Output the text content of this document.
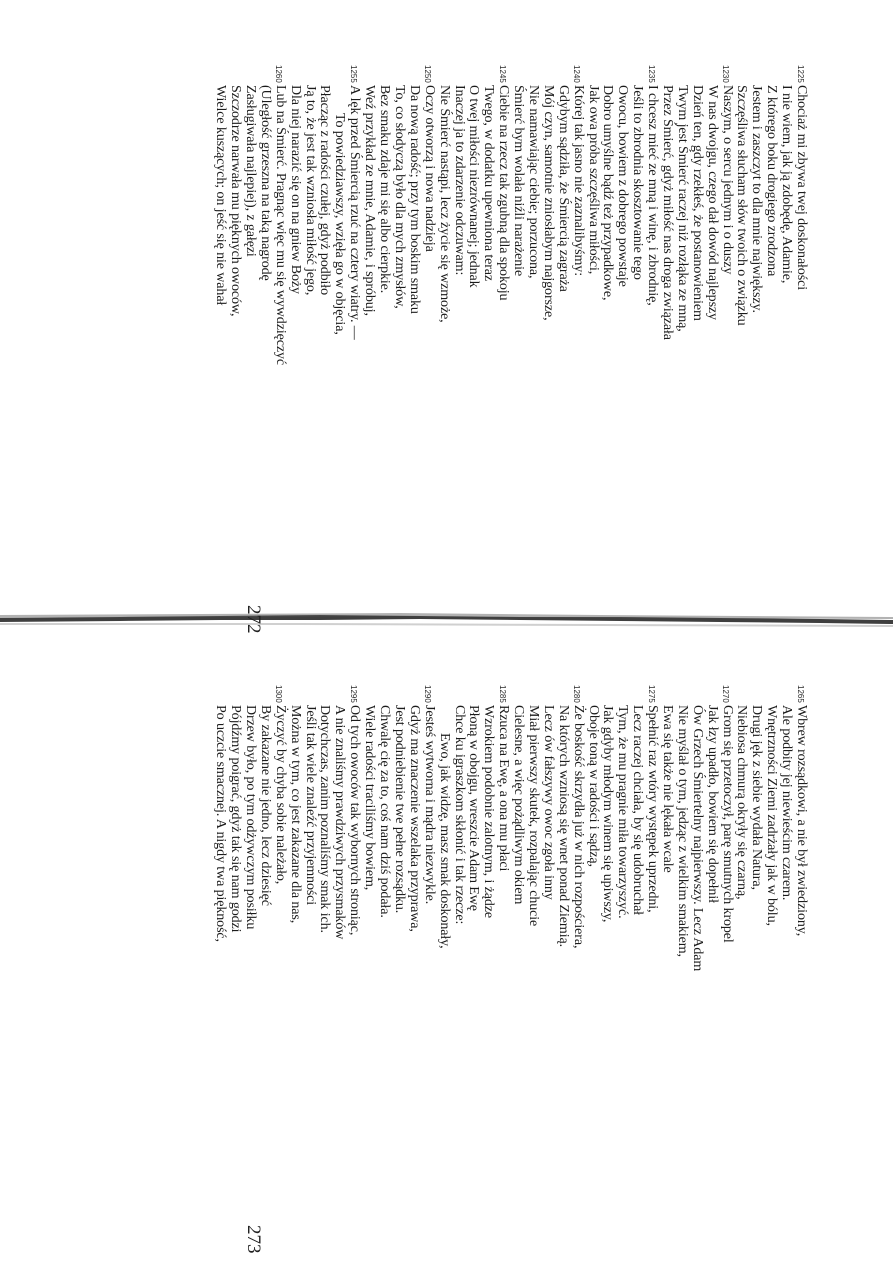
Chociaż mi zbywa twej doskonałości
I nie wiem, jak ją zdobędę, Adamie,
Z którego boku drogiego zrodzona
Jestem i zaszczyt to dla mnie największy.
Szczęśliwa słucham słów twoich o związku
Naszym, o sercu jednym i o duszy
W nas dwojgu, czego dał dowód najlepszy
Dzień ten, gdy rzekłeś, że postanowieniem
Twym jest Śmierć raczej niż rozłąka ze mną,
Przez Śmierć, gdyż miłość nas droga związała
I chcesz mieć ze mną i winę, i zbrodnię,
Jeśli to zbrodnia skosztowanie tego
Owocu, bowiem z dobrego powstaje
Dobro umyślne bądź też przypadkowe,
Jak owa próba szczęśliwa miłości,
Której tak jasno nie zaznalibyśmy:
Gdybym sądziła, że Śmiercią zagraża
Mój czyn, samotnie zniosłabym najgorsze,
Nie namawiając ciebie; porzucona,
Śmierć bym wolała niźli narażenie
Ciebie na rzecz tak zgubną dla spokoju
Twego, w dodatku upewniona teraz
O twej miłości niezrównanej; jednak
Inaczej ja to zdarzenie odczuwam:
Nie Śmierć nastąpi, lecz życie się wzmoże,
Oczy otworzą i nowa nadzieja
Da nową radość; przy tym boskim smaku
To, co słodyczą było dla mych zmysłów,
Bez smaku zdaje mi się albo cierpkie.
Weź przykład ze mnie, Adamie, i spróbuj,
A lęk przed Śmiercią rzuć na cztery wiatry. —
To powiedziawszy, wzięła go w objęcia,
Płacząc z radości czułej, gdyż podbiło
Ją to, że jest tak wzniosła miłość jego,
Dla niej narazić się on na gniew Boży
Lub na Śmierć. Pragnąc więc mu się wywdzięczyć
(Uległość grzeszna na taką nagrodę
Zasługiwała najlepiej), z gałęzi
Szczodrze narwała mu pięknych owoców,
Wielce kuszących; on jeść się nie wahał
272
1225
1230
1235
1240
1245
1250
1255
1260
Wbrew rozsądkowi, a nie był zwiedziony,
Ale podbity jej niewieścim czarem.
Wnętrzności Ziemi zadrżały jak w bólu,
Drugi jęk z siebie wydała Natura,
Niebiosa chmurą okryły się czarną,
Grom się przetoczył, parę smutnych kropel
Jak łzy upadło, bowiem się dopełnił
Ów Grzech Śmiertelny najpierwszy. Lecz Adam
Nie myślał o tym, jedząc z wielkim smakiem,
Ewa się także nie lękała wcale
Spełnić raz wtóry występek uprzedni,
Lecz raczej chciała, by się udobruchał
Tym, że mu pragnie miła towarzyszyć.
Jak gdyby młodym winem się upiwszy,
Oboje toną w radości i sądzą,
Że boskość skrzydła już w nich rozpościera,
Na których wzniosą się wnet ponad Ziemią.
Lecz ów fałszywy owoc zgoła inny
Miał pierwszy skutek, rozpalając chucie
Cielesne, a więc pożądliwym okiem
Rzuca na Ewę, a ona mu płaci
Wzrokiem podobnie zalotnym, i żądze
Płoną w obojgu, wreszcie Adam Ewę
Chce ku igraszkom skłonić i tak rzecze:
Ewo, jak widzę, masz smak doskonały,
Jesteś wytworna i mądra niezwykle.
Gdyż ma znaczenie wszelaka przyprawa,
Jest podniebienie twe pełne rozsądku.
Chwalę cię za to, coś nam dziś podała.
Wiele radości traciliśmy bowiem,
Od tych owoców tak wybornych stroniąc,
A nie znaliśmy prawdziwych przysmaków
Dotychczas, zanim poznaliśmy smak ich.
Jeśli tak wiele znaleźć przyjemności
Można w tym, co jest zakazane dla nas,
Życzyć by chyba sobie należało,
By zakazane nie jedno, lecz dziesięć
Drzew było, po tym odżywczym posiłku
Pójdźmy poigrać, gdyż tak się nam godzi
Po uczcie smacznej. A nigdy twa piękność,
273
1265
1270
1275
1280
1285
1290
1295
1300
